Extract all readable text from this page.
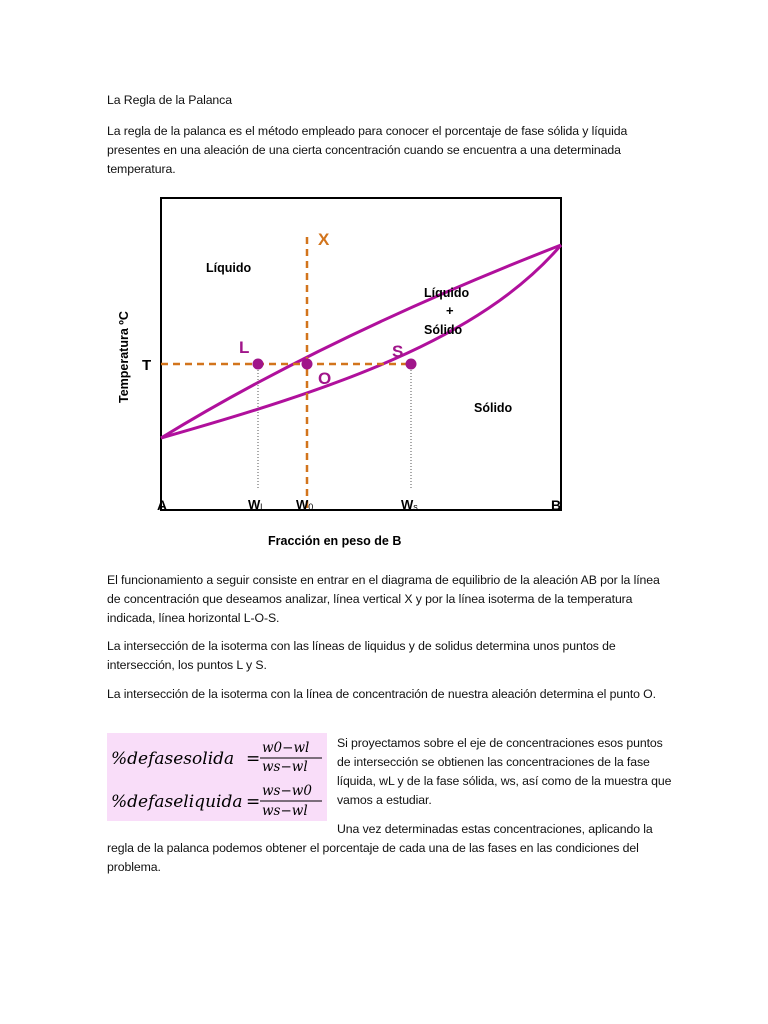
La Regla de la Palanca

La regla de la palanca es el método empleado para conocer el porcentaje de fase sólida y líquida presentes en una aleación de una cierta concentración cuando se encuentra a una determinada temperatura.

X
L	S
O
T
Líquido
Líquido
+
Sólido
Sólido
A	B
Fracción en peso de B
Temperatura ºC
Wl	W0	Ws

El funcionamiento a seguir consiste en entrar en el diagrama de equilibrio de la aleación AB por la línea de concentración que deseamos analizar, línea vertical X y por la línea isoterma de la temperatura indicada, línea horizontal L-O-S.

La intersección de la isoterma con las líneas de liquidus y de solidus determina unos puntos de intersección, los puntos L y S.

La intersección de la isoterma con la línea de concentración de nuestra aleación determina el punto O.

%defasesolida =
w0−wl
ws−wl
%defaseliquida =
ws−w0
ws−wl

Si proyectamos sobre el eje de concentraciones esos puntos de intersección se obtienen las concentraciones de la fase líquida, wL y de la fase sólida, ws, así como de la muestra que vamos a estudiar.

Una vez determinadas estas concentraciones, aplicando la regla de la palanca podemos obtener el porcentaje de cada una de las fases en las condiciones del problema.
